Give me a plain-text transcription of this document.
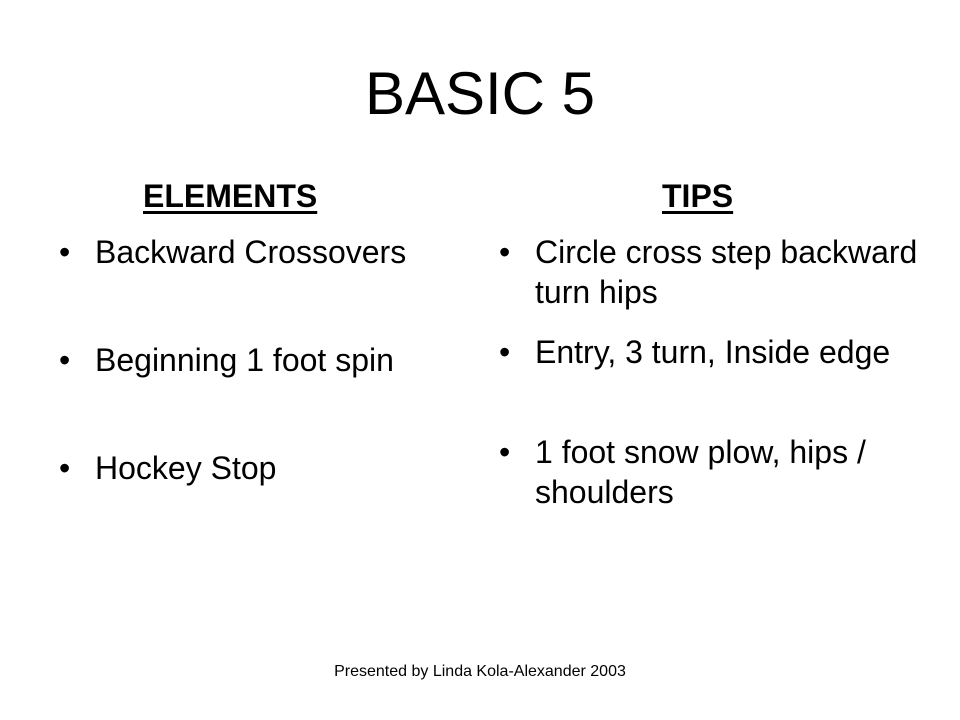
BASIC 5
ELEMENTS	TIPS
• Backward Crossovers
• Beginning 1 foot spin
• Hockey Stop
• Circle cross step backward turn hips
• Entry, 3 turn, Inside edge
• 1 foot snow plow, hips / shoulders
Presented by Linda Kola-Alexander 2003
